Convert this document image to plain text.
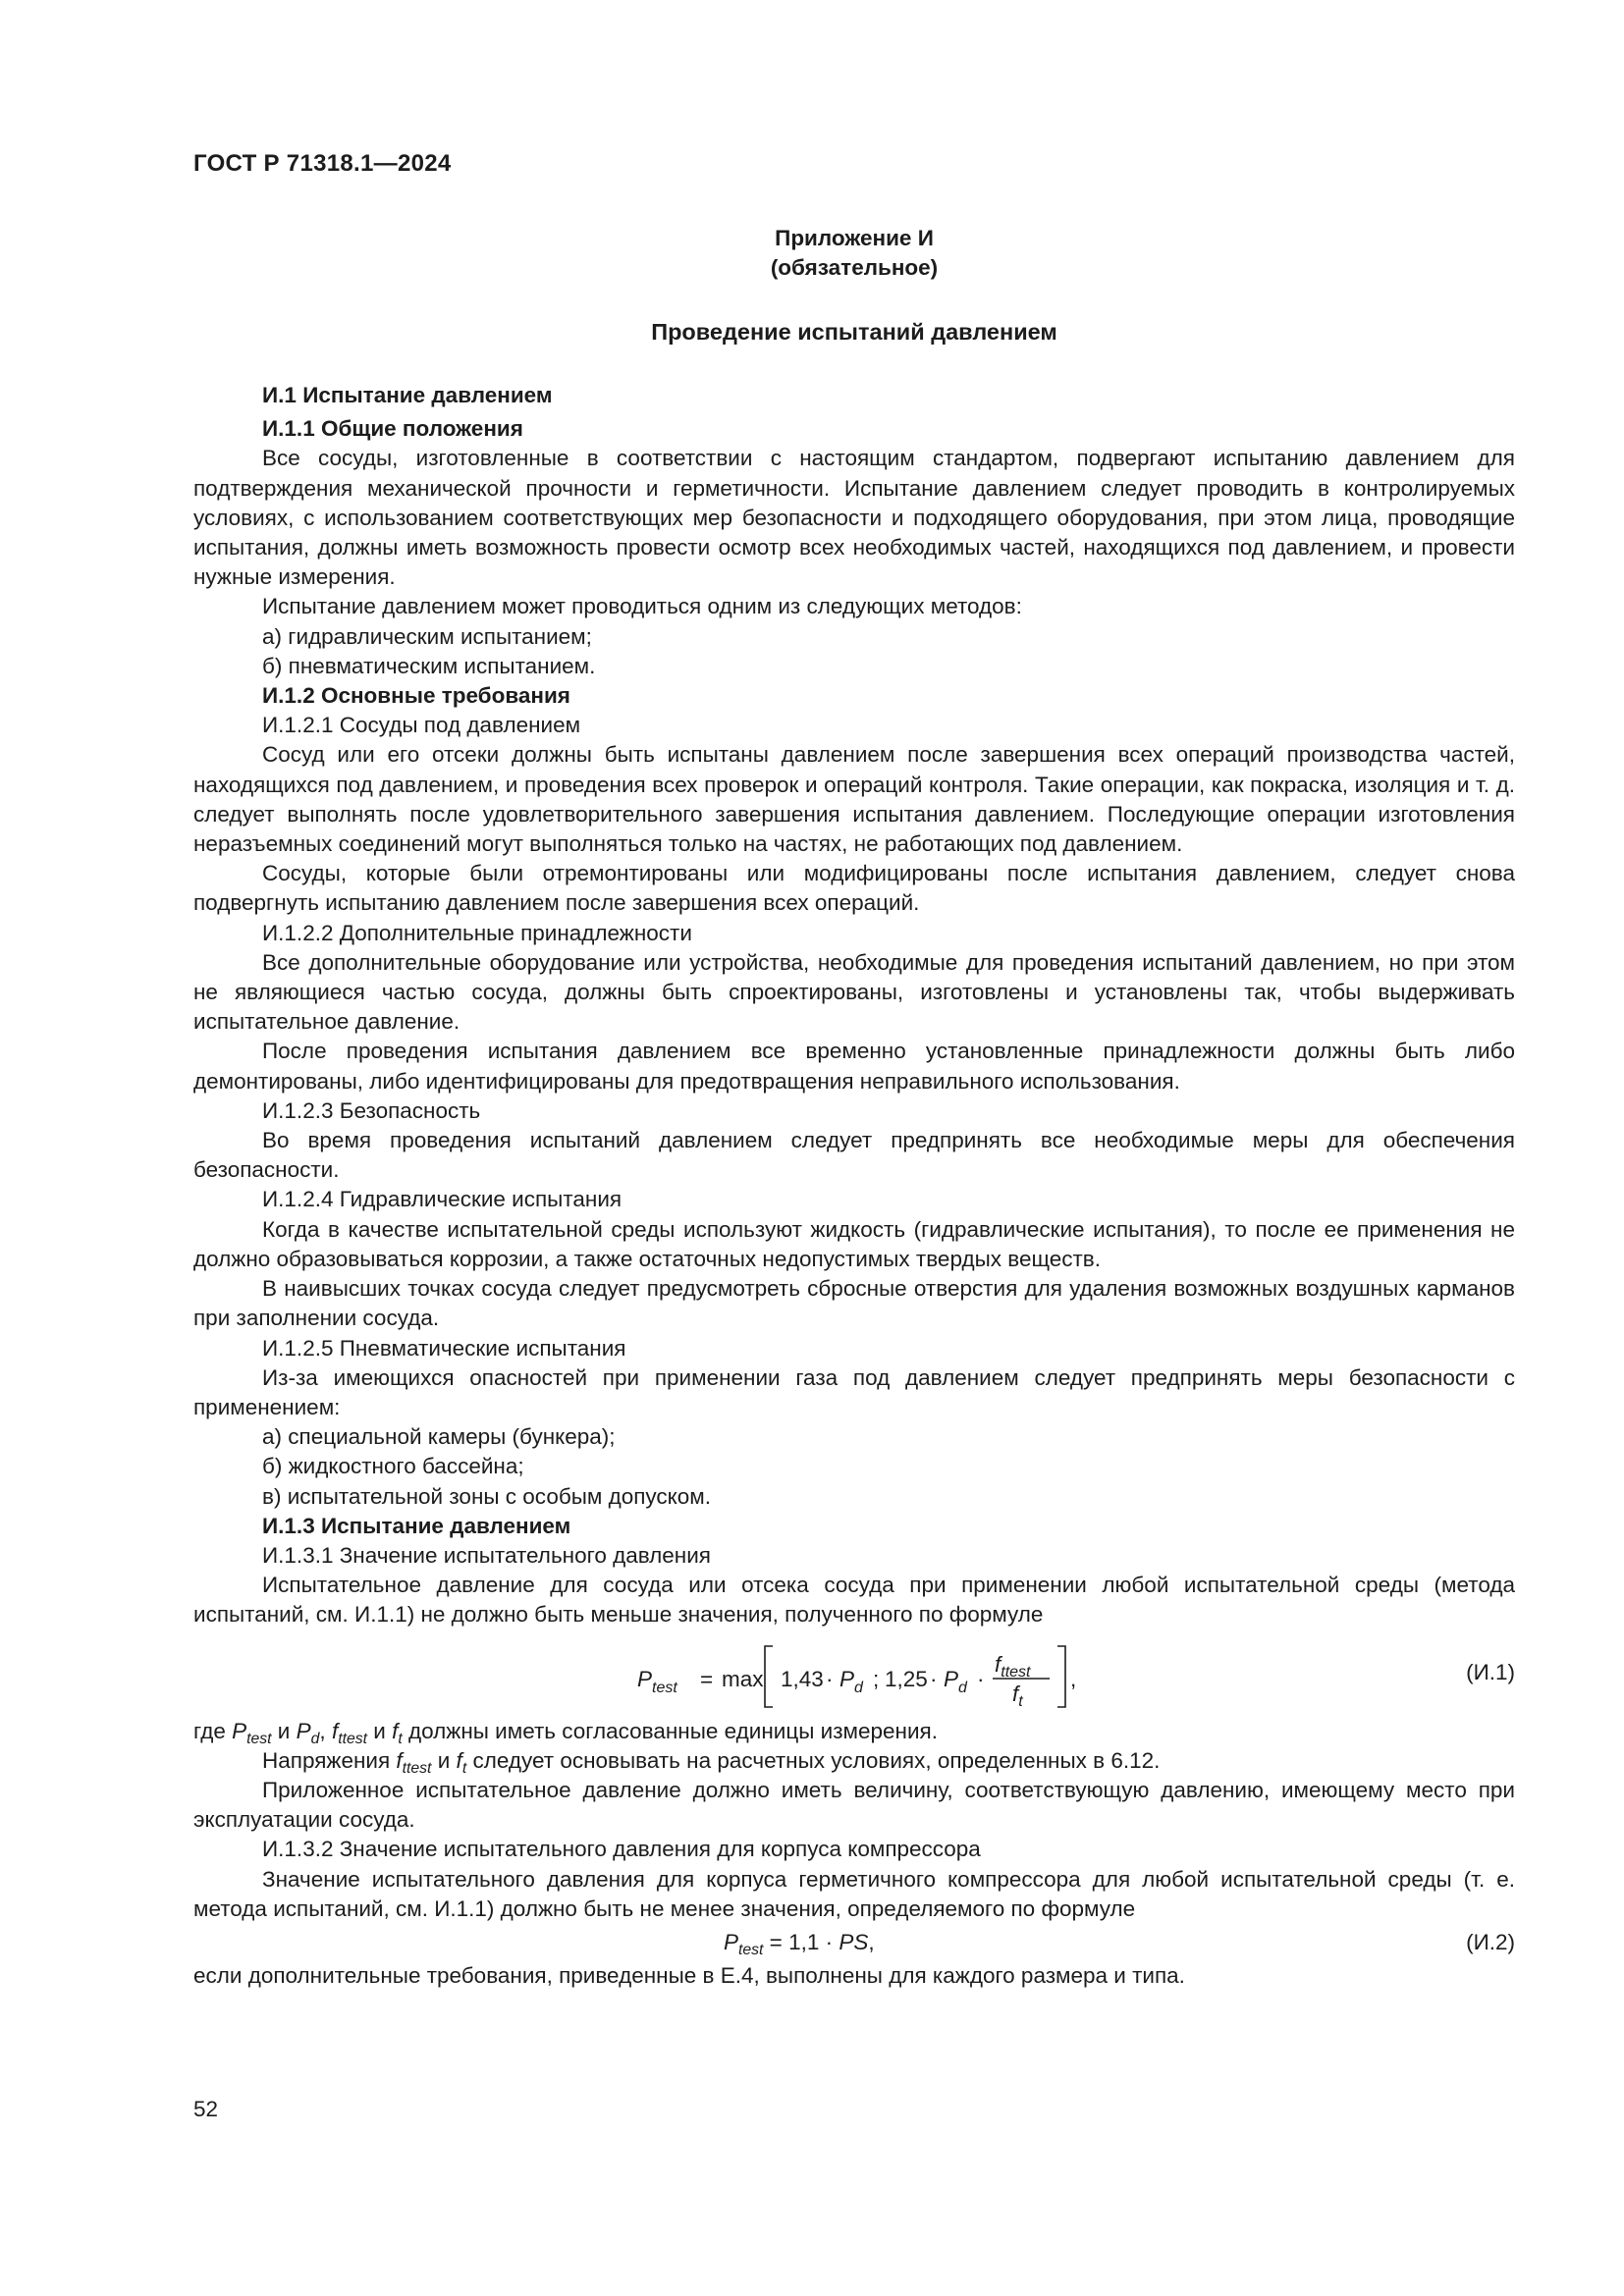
ГОСТ Р 71318.1—2024
Приложение И
(обязательное)
Проведение испытаний давлением
И.1 Испытание давлением
И.1.1 Общие положения

Все сосуды, изготовленные в соответствии с настоящим стандартом, подвергают испытанию давлением для подтверждения механической прочности и герметичности. Испытание давлением следует проводить в контролируемых условиях, с использованием соответствующих мер безопасности и подходящего оборудования, при этом лица, проводящие испытания, должны иметь возможность провести осмотр всех необходимых частей, находящихся под давлением, и провести нужные измерения.

Испытание давлением может проводиться одним из следующих методов:

а) гидравлическим испытанием;

б) пневматическим испытанием.

И.1.2 Основные требования
И.1.2.1 Сосуды под давлением

Сосуд или его отсеки должны быть испытаны давлением после завершения всех операций производства частей, находящихся под давлением, и проведения всех проверок и операций контроля. Такие операции, как покраска, изоляция и т. д. следует выполнять после удовлетворительного завершения испытания давлением. Последующие операции изготовления неразъемных соединений могут выполняться только на частях, не работающих под давлением.

Сосуды, которые были отремонтированы или модифицированы после испытания давлением, следует снова подвергнуть испытанию давлением после завершения всех операций.

И.1.2.2 Дополнительные принадлежности

Все дополнительные оборудование или устройства, необходимые для проведения испытаний давлением, но при этом не являющиеся частью сосуда, должны быть спроектированы, изготовлены и установлены так, чтобы выдерживать испытательное давление.

После проведения испытания давлением все временно установленные принадлежности должны быть либо демонтированы, либо идентифицированы для предотвращения неправильного использования.

И.1.2.3 Безопасность

Во время проведения испытаний давлением следует предпринять все необходимые меры для обеспечения безопасности.

И.1.2.4 Гидравлические испытания

Когда в качестве испытательной среды используют жидкость (гидравлические испытания), то после ее применения не должно образовываться коррозии, а также остаточных недопустимых твердых веществ.

В наивысших точках сосуда следует предусмотреть сбросные отверстия для удаления возможных воздушных карманов при заполнении сосуда.

И.1.2.5 Пневматические испытания

Из-за имеющихся опасностей при применении газа под давлением следует предпринять меры безопасности с применением:

а) специальной камеры (бункера);

б) жидкостного бассейна;

в) испытательной зоны с особым допуском.

И.1.3 Испытание давлением
И.1.3.1 Значение испытательного давления

Испытательное давление для сосуда или отсека сосуда при применении любой испытательной среды (метода испытаний, см. И.1.1) не должно быть меньше значения, полученного по формуле

$P_{test} = \max 1,43 \cdot P_d$ ; $1,25 \cdot P_d$ ·
$f_{ttest}$
$f_t$
,	(И.1)

где $P_{test}$ и $P_d$, $f_{ttest}$ и $f_t$ должны иметь согласованные единицы измерения.

Напряжения $f_{ttest}$ и $f_t$ следует основывать на расчетных условиях, определенных в 6.12.

Приложенное испытательное давление должно иметь величину, соответствующую давлению, имеющему место при эксплуатации сосуда.

И.1.3.2 Значение испытательного давления для корпуса компрессора

Значение испытательного давления для корпуса герметичного компрессора для любой испытательной среды (т. е. метода испытаний, см. И.1.1) должно быть не менее значения, определяемого по формуле

$P_{test} = 1,1$ · PS,	(И.2)

если дополнительные требования, приведенные в Е.4, выполнены для каждого размера и типа.

52
